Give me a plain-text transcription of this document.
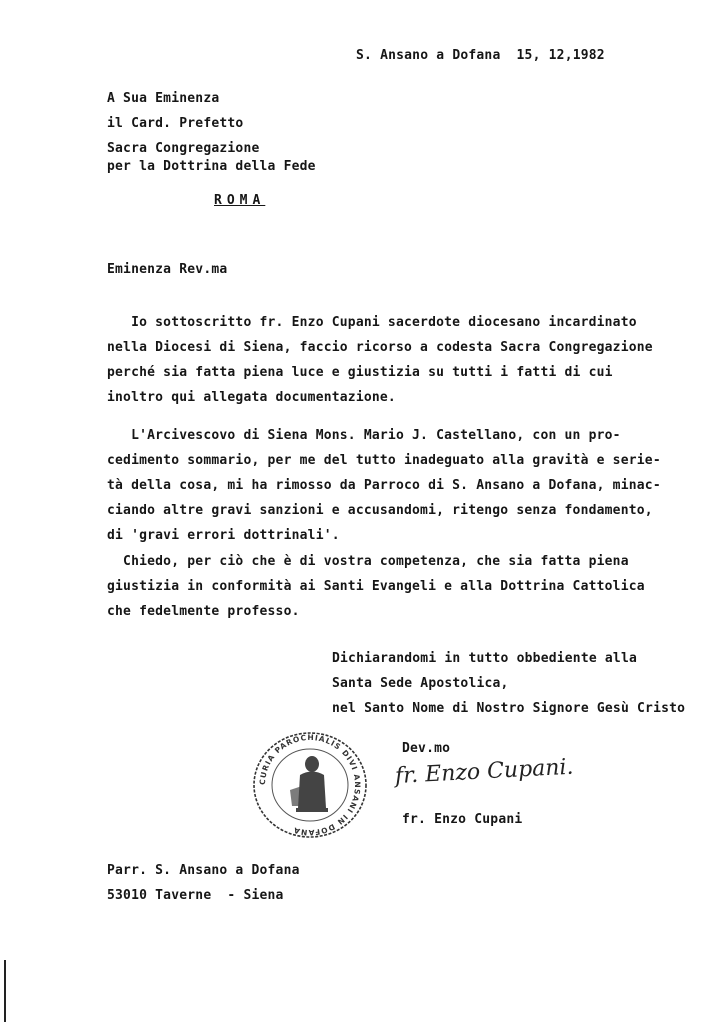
S. Ansano a Dofana  15, 12,1982
A Sua Eminenza
il Card. Prefetto
Sacra Congregazione
per la Dottrina della Fede
ROMA
Eminenza Rev.ma
Io sottoscritto fr. Enzo Cupani sacerdote diocesano incardinato
nella Diocesi di Siena, faccio ricorso a codesta Sacra Congregazione
perché sia fatta piena luce e giustizia su tutti i fatti di cui
inoltro qui allegata documentazione.
L'Arcivescovo di Siena Mons. Mario J. Castellano, con un pro-
cedimento sommario, per me del tutto inadeguato alla gravità e serie-
tà della cosa, mi ha rimosso da Parroco di S. Ansano a Dofana, minac-
ciando altre gravi sanzioni e accusandomi, ritengo senza fondamento,
di 'gravi errori dottrinali'.
Chiedo, per ciò che è di vostra competenza, che sia fatta piena
giustizia in conformità ai Santi Evangeli e alla Dottrina Cattolica
che fedelmente professo.
Dichiarandomi in tutto obbediente alla
Santa Sede Apostolica,
nel Santo Nome di Nostro Signore Gesù Cristo
CURIA PAROCHIALIS DIVI ANSANI IN DOFANA
Dev.mo
fr. Enzo Cupani.
fr. Enzo Cupani
Parr. S. Ansano a Dofana
53010 Taverne  - Siena
